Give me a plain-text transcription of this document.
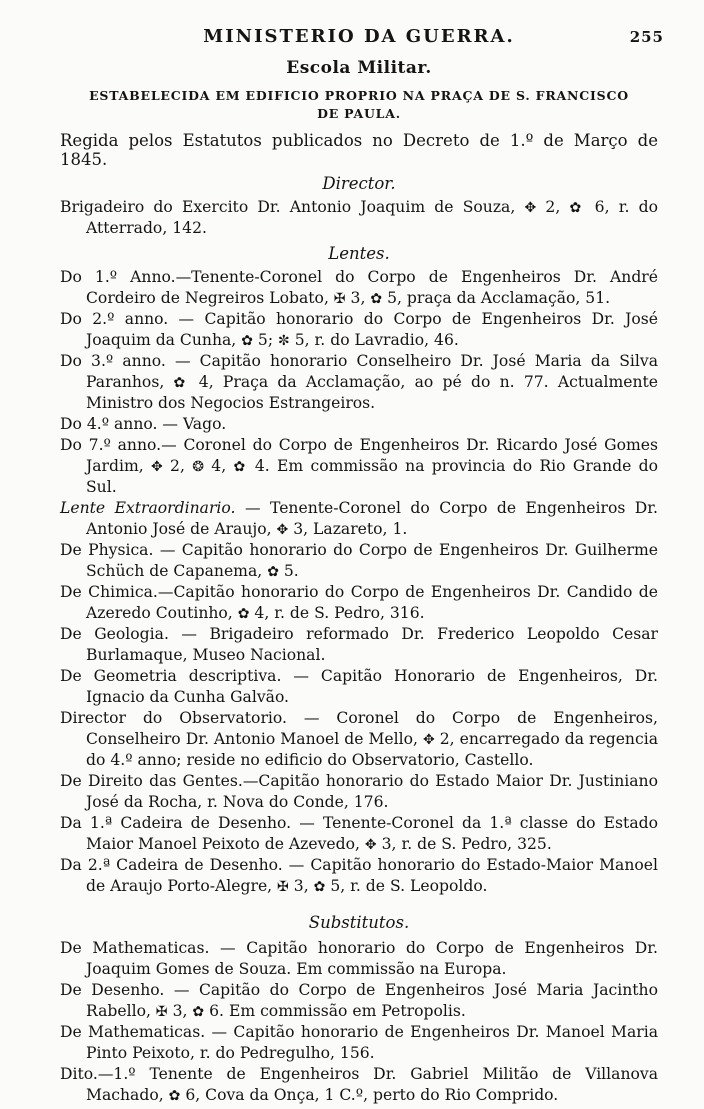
MINISTERIO DA GUERRA.	255
Escola Militar.
ESTABELECIDA EM EDIFICIO PROPRIO NA PRAÇA DE S. FRANCISCO
DE PAULA.
Regida pelos Estatutos publicados no Decreto de 1.º de Março de 1845.
Director.

Brigadeiro do Exercito Dr. Antonio Joaquim de Souza, ✥ 2, ✿ 6, r. do Atterrado, 142.

Lentes.

Do 1.º Anno.—Tenente-Coronel do Corpo de Engenheiros Dr. André Cordeiro de Negreiros Lobato, ✠ 3, ✿ 5, praça da Acclamação, 51.

Do 2.º anno. — Capitão honorario do Corpo de Engenheiros Dr. José Joaquim da Cunha, ✿ 5; ✼ 5, r. do Lavradio, 46.

Do 3.º anno. — Capitão honorario Conselheiro Dr. José Maria da Silva Paranhos, ✿ 4, Praça da Acclamação, ao pé do n. 77. Actualmente Ministro dos Negocios Estrangeiros.

Do 4.º anno. — Vago.

Do 7.º anno.— Coronel do Corpo de Engenheiros Dr. Ricardo José Gomes Jardim, ✥ 2, ❂ 4, ✿ 4. Em commissão na provincia do Rio Grande do Sul.

Lente Extraordinario. — Tenente-Coronel do Corpo de Engenheiros Dr. Antonio José de Araujo, ✥ 3, Lazareto, 1.

De Physica. — Capitão honorario do Corpo de Engenheiros Dr. Guilherme Schüch de Capanema, ✿ 5.

De Chimica.—Capitão honorario do Corpo de Engenheiros Dr. Candido de Azeredo Coutinho, ✿ 4, r. de S. Pedro, 316.

De Geologia. — Brigadeiro reformado Dr. Frederico Leopoldo Cesar Burlamaque, Museo Nacional.

De Geometria descriptiva. — Capitão Honorario de Engenheiros, Dr. Ignacio da Cunha Galvão.

Director do Observatorio. — Coronel do Corpo de Engenheiros, Conselheiro Dr. Antonio Manoel de Mello, ✥ 2, encarregado da regencia do 4.º anno; reside no edificio do Observatorio, Castello.

De Direito das Gentes.—Capitão honorario do Estado Maior Dr. Justiniano José da Rocha, r. Nova do Conde, 176.

Da 1.ª Cadeira de Desenho. — Tenente-Coronel da 1.ª classe do Estado Maior Manoel Peixoto de Azevedo, ✥ 3, r. de S. Pedro, 325.

Da 2.ª Cadeira de Desenho. — Capitão honorario do Estado-Maior Manoel de Araujo Porto-Alegre, ✠ 3, ✿ 5, r. de S. Leopoldo.

Substitutos.

De Mathematicas. — Capitão honorario do Corpo de Engenheiros Dr. Joaquim Gomes de Souza. Em commissão na Europa.

De Desenho. — Capitão do Corpo de Engenheiros José Maria Jacintho Rabello, ✠ 3, ✿ 6. Em commissão em Petropolis.

De Mathematicas. — Capitão honorario de Engenheiros Dr. Manoel Maria Pinto Peixoto, r. do Pedregulho, 156.

Dito.—1.º Tenente de Engenheiros Dr. Gabriel Militão de Villanova Machado, ✿ 6, Cova da Onça, 1 C.º, perto do Rio Comprido.
